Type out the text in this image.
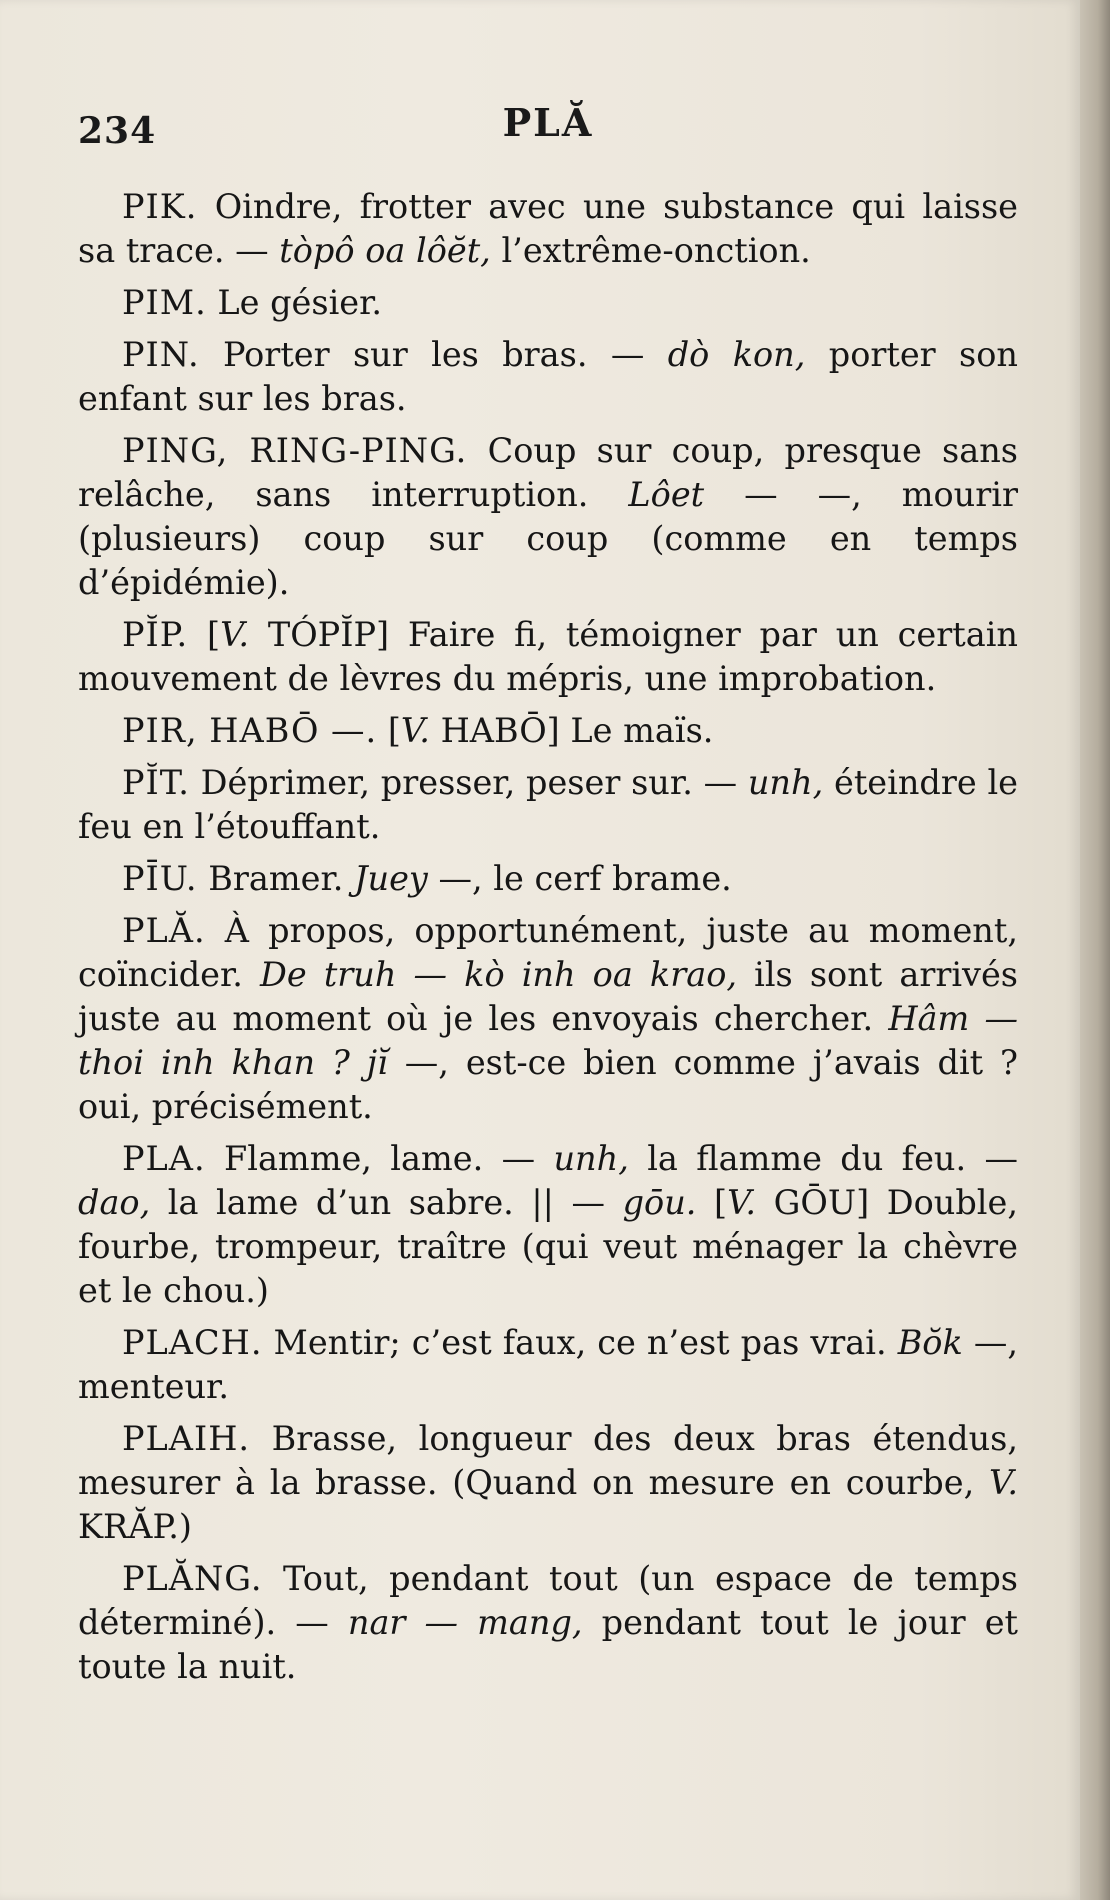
234	PLĂ

PIK. Oindre, frotter avec une substance qui laisse sa trace. — tòpô oa lôĕt, l’extrême-onction.

PIM. Le gésier.

PIN. Porter sur les bras. — dò kon, porter son enfant sur les bras.

PING, RING-PING. Coup sur coup, presque sans relâche, sans interruption. Lôet — —, mourir (plusieurs) coup sur coup (comme en temps d’épidémie).

PĬP. [V. TÓPĬP] Faire fi, témoigner par un certain mouvement de lèvres du mépris, une improbation.

PIR, HABŌ —. [V. HABŌ] Le maïs.

PĬT. Déprimer, presser, peser sur. — unh, éteindre le feu en l’étouffant.

PĪU. Bramer. Juey —, le cerf brame.

PLĂ. À propos, opportunément, juste au moment, coïncider. De truh — kò inh oa krao, ils sont arrivés juste au moment où je les envoyais chercher. Hâm — thoi inh khan ? jĭ —, est-ce bien comme j’avais dit ? oui, précisément.

PLA. Flamme, lame. — unh, la flamme du feu. — dao, la lame d’un sabre. || — gōu. [V. GŌU] Double, fourbe, trompeur, traître (qui veut ménager la chèvre et le chou.)

PLACH. Mentir; c’est faux, ce n’est pas vrai. Bŏk —, menteur.

PLAIH. Brasse, longueur des deux bras étendus, mesurer à la brasse. (Quand on mesure en courbe, V. KRĂP.)

PLĂNG. Tout, pendant tout (un espace de temps déterminé). — nar — mang, pendant tout le jour et toute la nuit.
